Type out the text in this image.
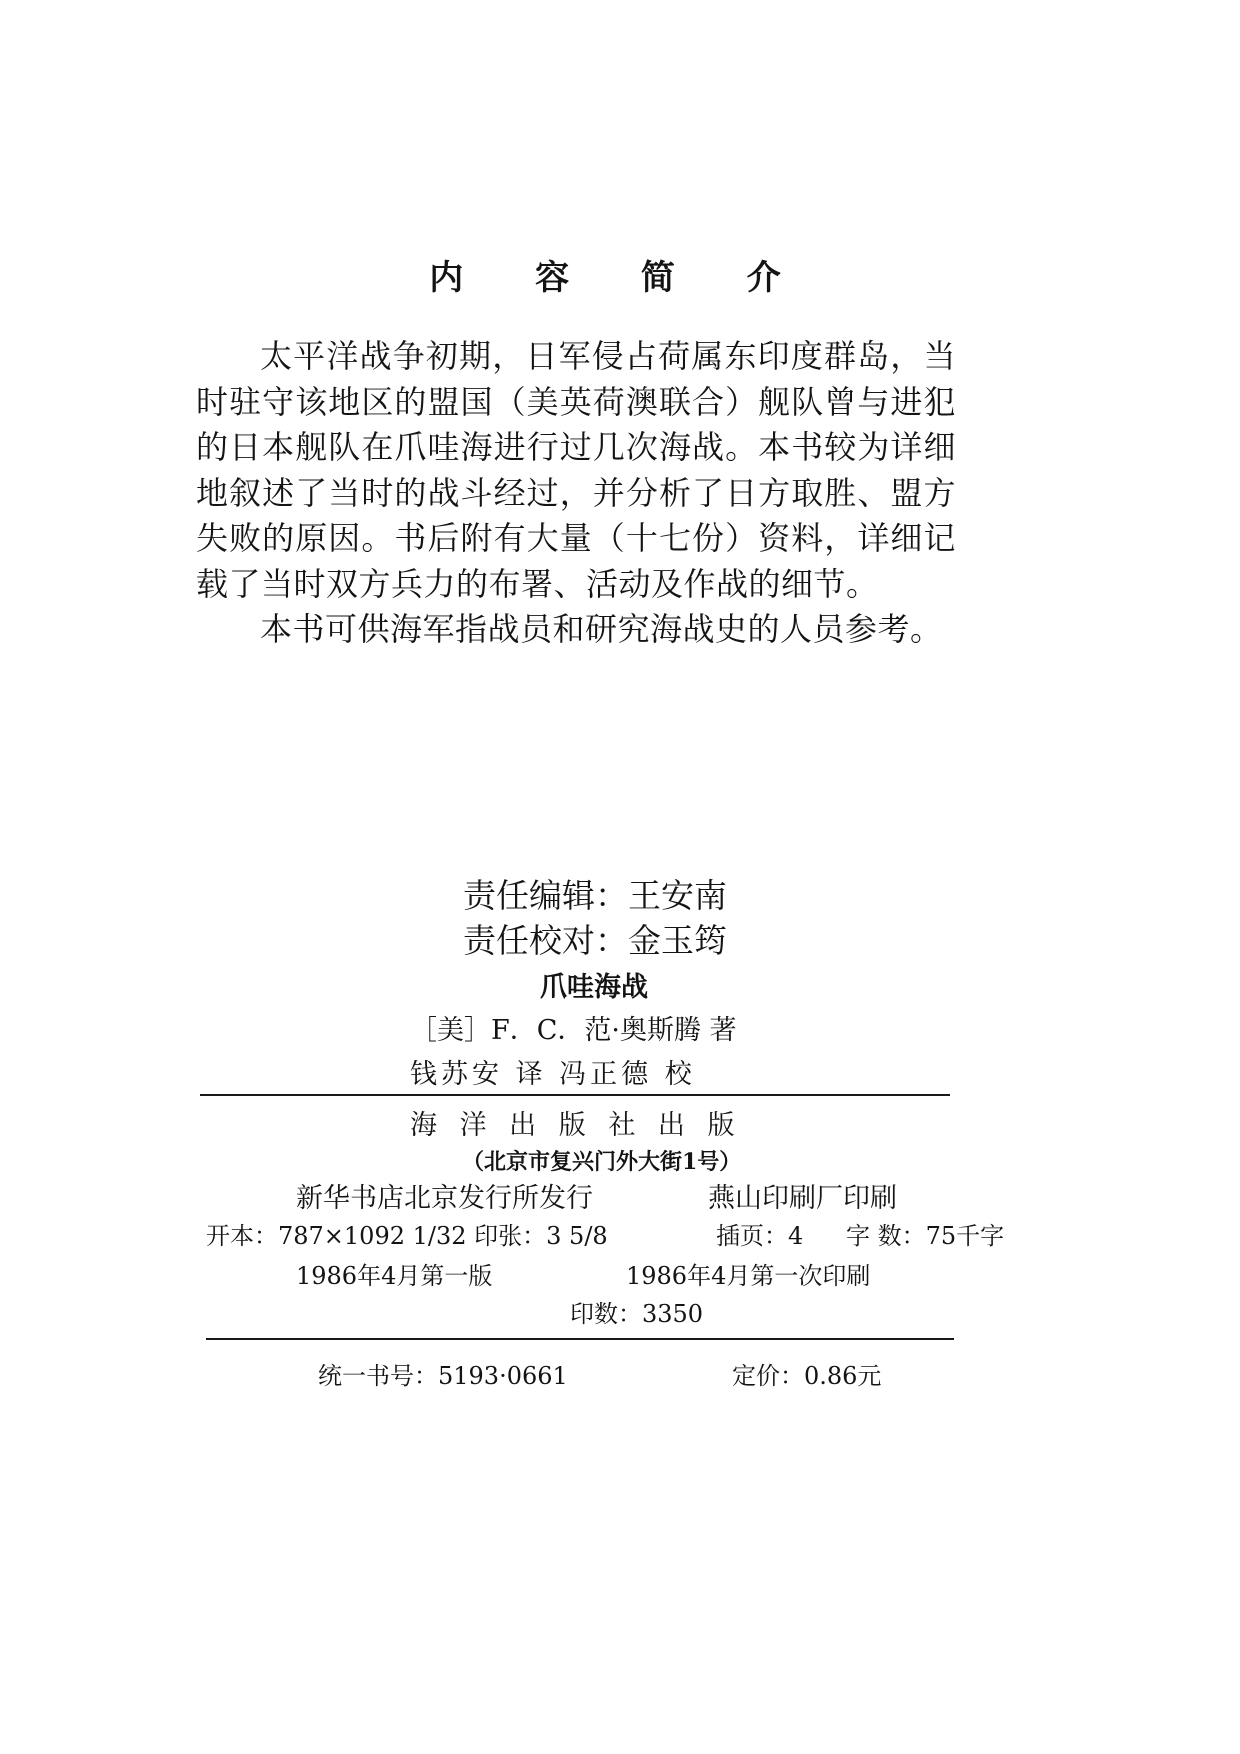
内 容 简 介

太平洋战争初期，日军侵占荷属东印度群岛，当时驻守该地区的盟国（美英荷澳联合）舰队曾与进犯的日本舰队在爪哇海进行过几次海战。本书较为详细地叙述了当时的战斗经过，并分析了日方取胜、盟方失败的原因。书后附有大量（十七份）资料，详细记载了当时双方兵力的布署、活动及作战的细节。

本书可供海军指战员和研究海战史的人员参考。

责任编辑：王安南
责任校对：金玉筠
爪哇海战
［美］F．C．范·奥斯腾 著
钱苏安 译 冯正德 校
海 洋 出 版 社 出 版
（北京市复兴门外大街1号）
新华书店北京发行所发行	燕山印刷厂印刷
开本：787×1092 1/32 印张：3 5/8	插页：4 字 数：75千字
1986年4月第一版	1986年4月第一次印刷
印数：3350
统一书号：5193·0661	定价：0.86元
